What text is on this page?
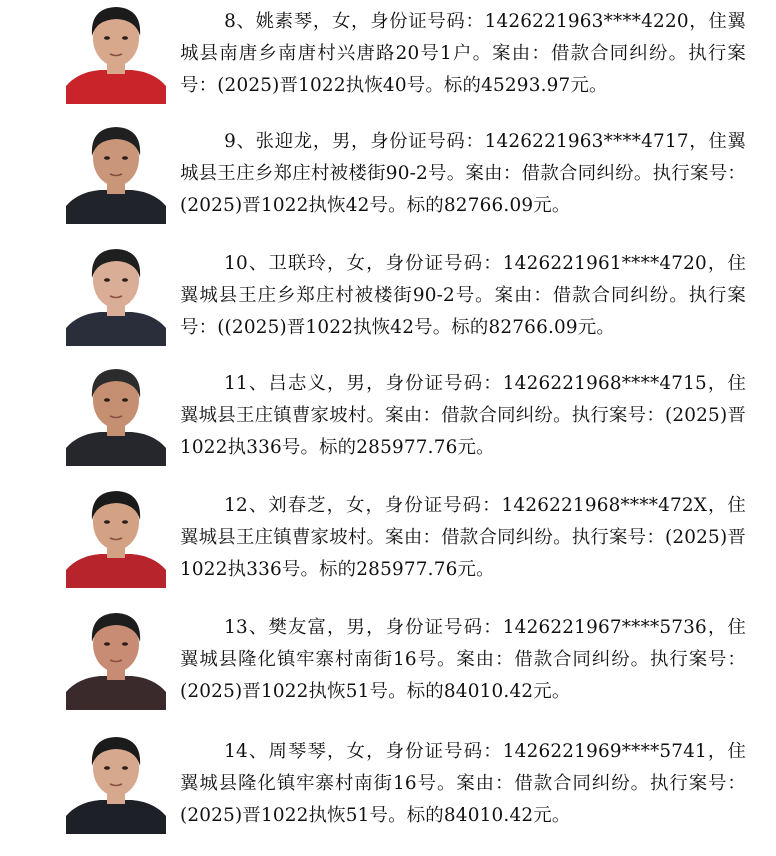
8、姚素琴，女，身份证号码：1426221963****4220，住翼城县南唐乡南唐村兴唐路20号1户。案由：借款合同纠纷。执行案号：(2025)晋1022执恢40号。标的45293.97元。

9、张迎龙，男，身份证号码：1426221963****4717，住翼城县王庄乡郑庄村被楼街90-2号。案由：借款合同纠纷。执行案号：(2025)晋1022执恢42号。标的82766.09元。

10、卫联玲，女，身份证号码：1426221961****4720，住翼城县王庄乡郑庄村被楼街90-2号。案由：借款合同纠纷。执行案号：((2025)晋1022执恢42号。标的82766.09元。

11、吕志义，男，身份证号码：1426221968****4715，住翼城县王庄镇曹家坡村。案由：借款合同纠纷。执行案号：(2025)晋1022执336号。标的285977.76元。

12、刘春芝，女，身份证号码：1426221968****472X，住翼城县王庄镇曹家坡村。案由：借款合同纠纷。执行案号：(2025)晋1022执336号。标的285977.76元。

13、樊友富，男，身份证号码：1426221967****5736，住翼城县隆化镇牢寨村南街16号。案由：借款合同纠纷。执行案号：(2025)晋1022执恢51号。标的84010.42元。

14、周琴琴，女，身份证号码：1426221969****5741，住翼城县隆化镇牢寨村南街16号。案由：借款合同纠纷。执行案号：(2025)晋1022执恢51号。标的84010.42元。
